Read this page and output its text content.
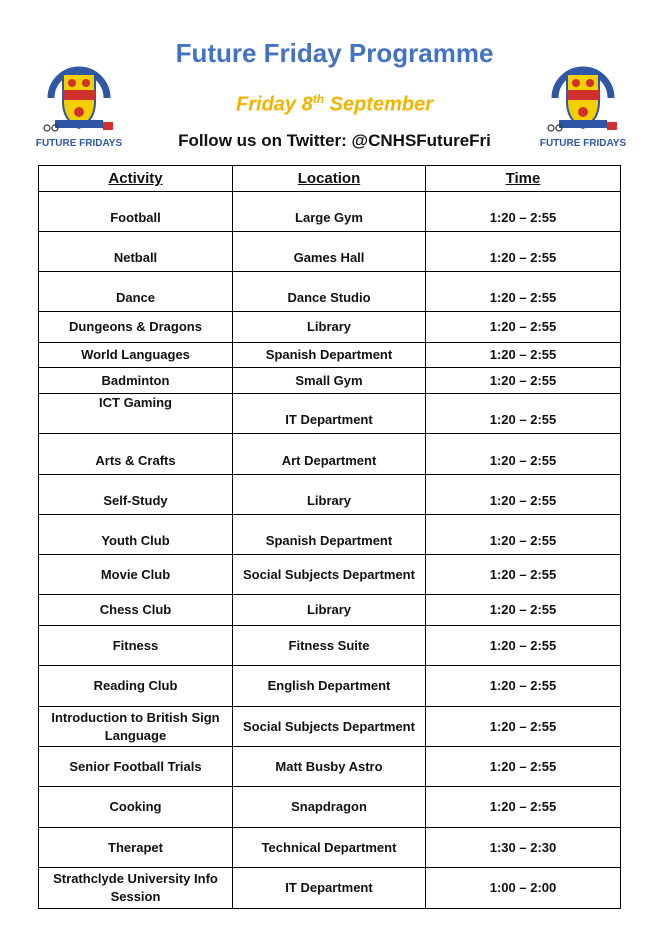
Future Friday Programme
Friday 8th September
Follow us on Twitter: @CNHSFutureFri
FUTURE FRIDAYS	FUTURE FRIDAYS
Activity	Location	Time
Football	Large Gym	1:20 – 2:55
Netball	Games Hall	1:20 – 2:55
Dance	Dance Studio	1:20 – 2:55
Dungeons & Dragons	Library	1:20 – 2:55
World Languages	Spanish Department	1:20 – 2:55
Badminton	Small Gym	1:20 – 2:55
ICT Gaming	IT Department	1:20 – 2:55
Arts & Crafts	Art Department	1:20 – 2:55
Self-Study	Library	1:20 – 2:55
Youth Club	Spanish Department	1:20 – 2:55
Movie Club	Social Subjects Department	1:20 – 2:55
Chess Club	Library	1:20 – 2:55
Fitness	Fitness Suite	1:20 – 2:55
Reading Club	English Department	1:20 – 2:55
Introduction to British Sign Language	Social Subjects Department	1:20 – 2:55
Senior Football Trials	Matt Busby Astro	1:20 – 2:55
Cooking	Snapdragon	1:20 – 2:55
Therapet	Technical Department	1:30 – 2:30
Strathclyde University Info Session	IT Department	1:00 – 2:00
